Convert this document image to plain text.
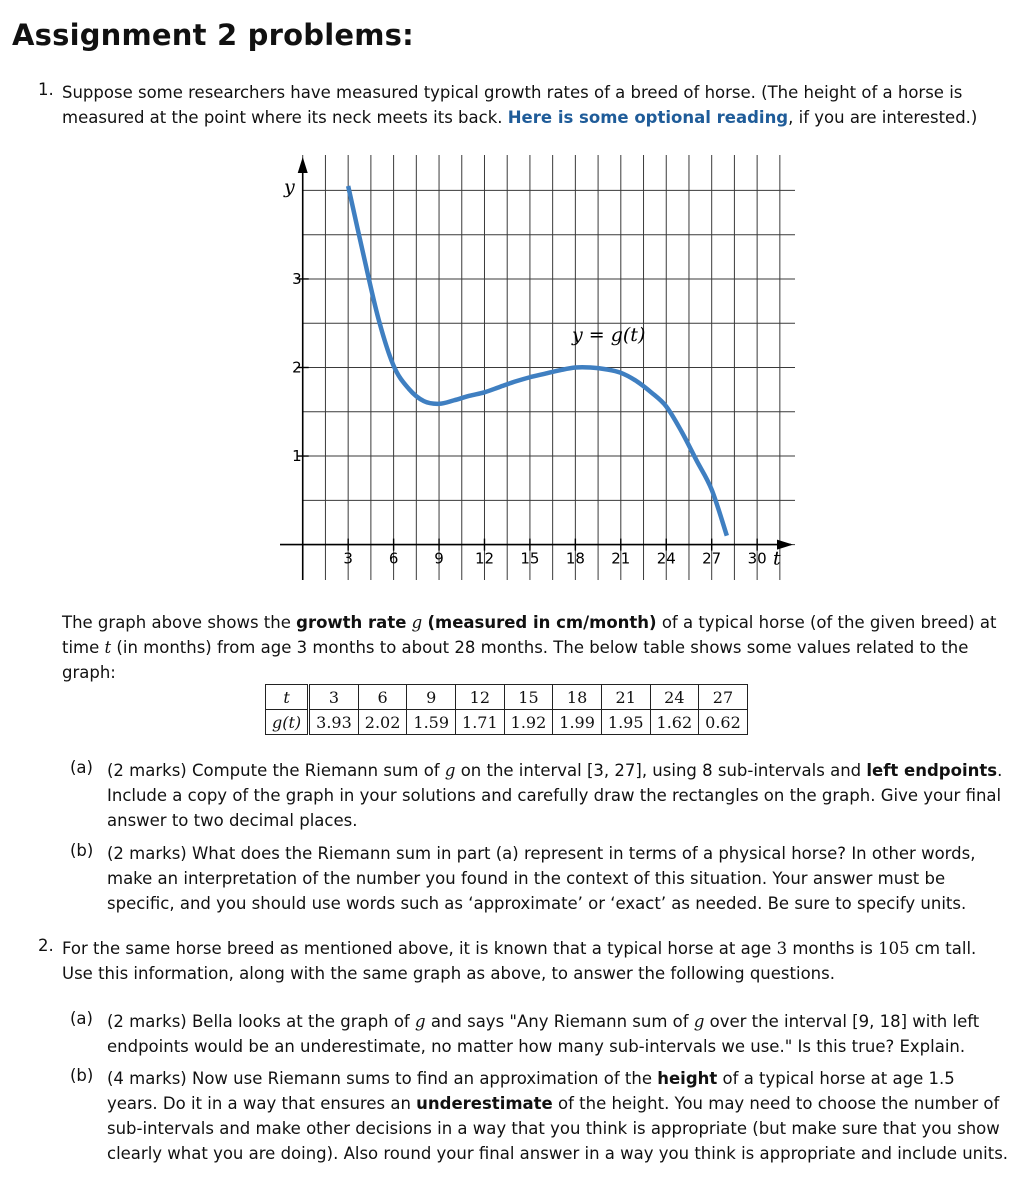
Assignment 2 problems:
1. Suppose some researchers have measured typical growth rates of a breed of horse. (The height of a horse is
measured at the point where its neck meets its back. Here is some optional reading, if you are interested.)
3 6 9 12 15 18 21 24 27 30
1
2
3
y
t
y = g(t)
The graph above shows the growth rate g (measured in cm/month) of a typical horse (of the given breed) at
time t (in months) from age 3 months to about 28 months. The below table shows some values related to the
graph:
t	3	6	9	12	15	18	21	24	27
g(t)	3.93	2.02	1.59	1.71	1.92	1.99	1.95	1.62	0.62
(a) (2 marks) Compute the Riemann sum of g on the interval [3, 27], using 8 sub-intervals and left endpoints.
Include a copy of the graph in your solutions and carefully draw the rectangles on the graph. Give your final
answer to two decimal places.
(b) (2 marks) What does the Riemann sum in part (a) represent in terms of a physical horse? In other words,
make an interpretation of the number you found in the context of this situation. Your answer must be
specific, and you should use words such as ‘approximate’ or ‘exact’ as needed. Be sure to specify units.
2. For the same horse breed as mentioned above, it is known that a typical horse at age 3 months is 105 cm tall.
Use this information, along with the same graph as above, to answer the following questions.
(a) (2 marks) Bella looks at the graph of g and says "Any Riemann sum of g over the interval [9, 18] with left
endpoints would be an underestimate, no matter how many sub-intervals we use." Is this true? Explain.
(b) (4 marks) Now use Riemann sums to find an approximation of the height of a typical horse at age 1.5
years. Do it in a way that ensures an underestimate of the height. You may need to choose the number of
sub-intervals and make other decisions in a way that you think is appropriate (but make sure that you show
clearly what you are doing). Also round your final answer in a way you think is appropriate and include units.
